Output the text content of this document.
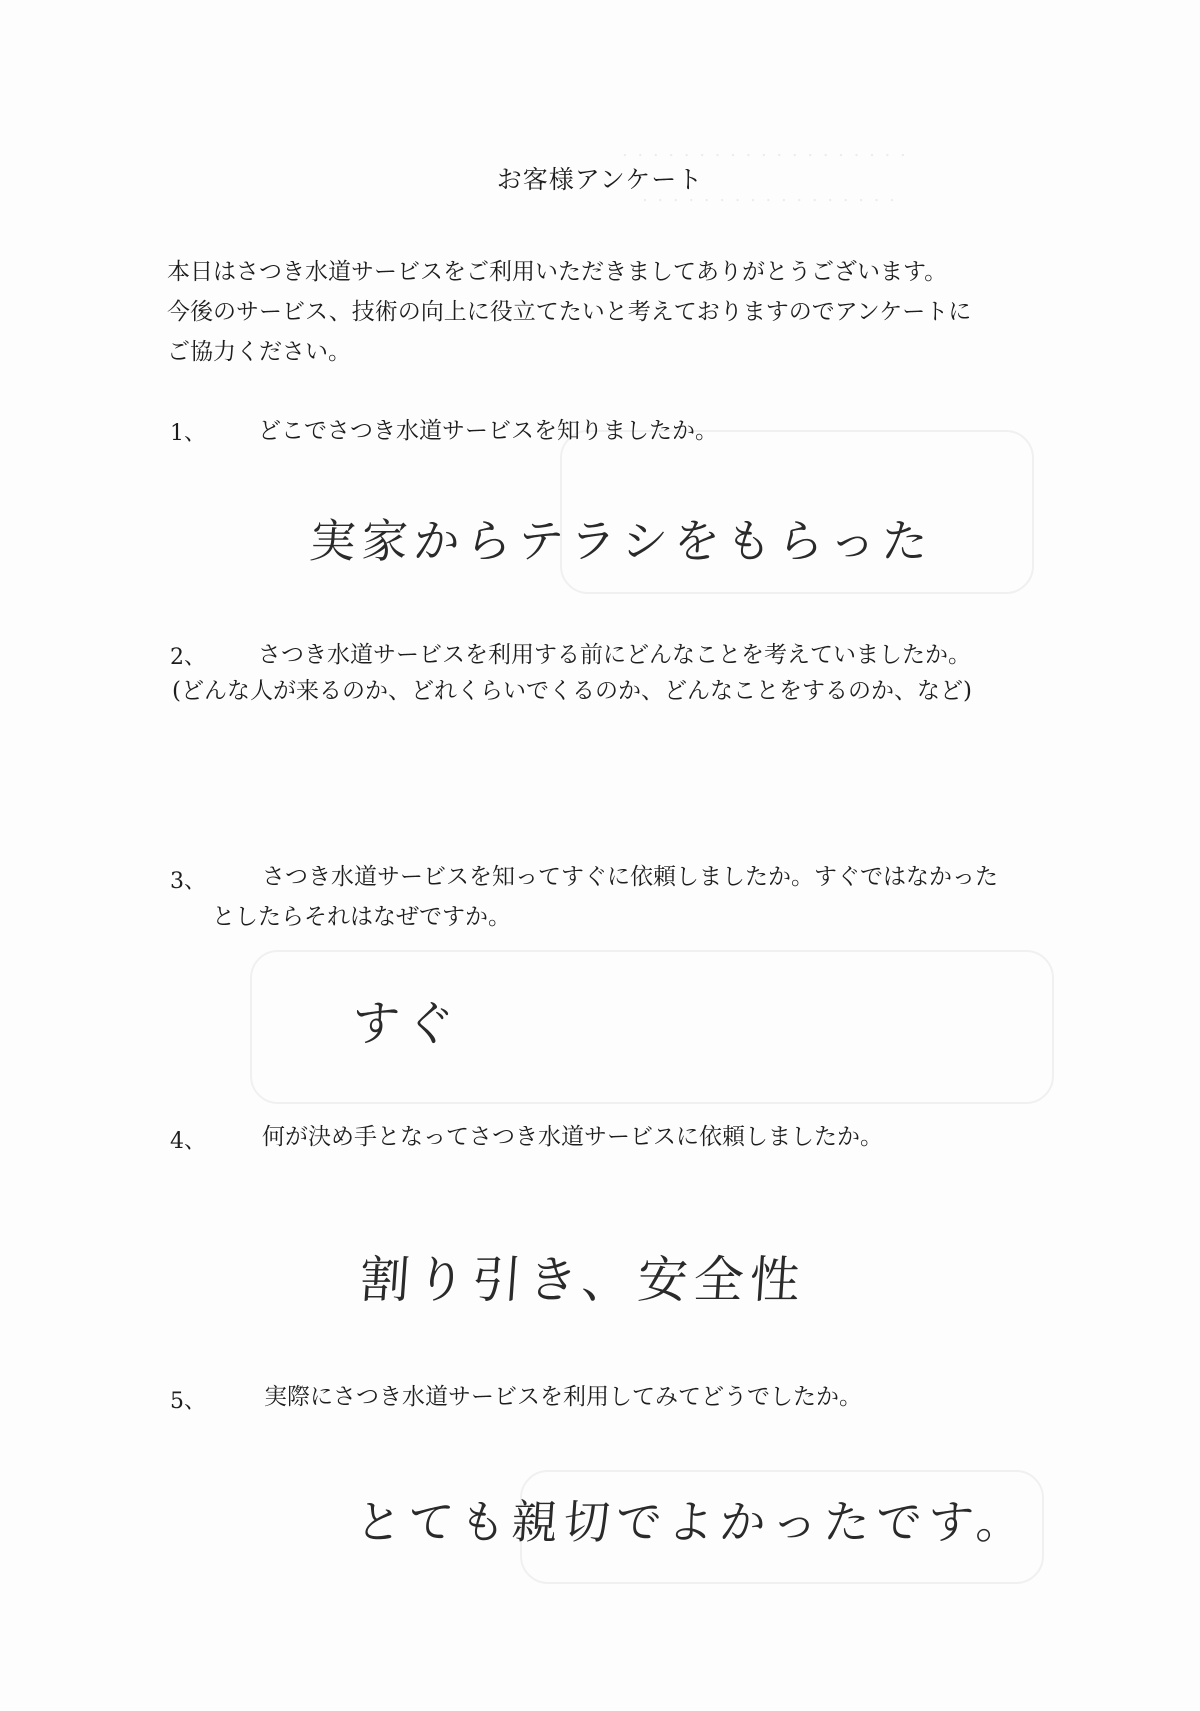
. . . . . . . . . . . . . . . . . . .
. . . . . . . . . . . . . . . . .
お客様アンケート
本日はさつき水道サービスをご利用いただきましてありがとうございます。
今後のサービス、技術の向上に役立てたいと考えておりますのでアンケートに
ご協力ください。
1、 どこでさつき水道サービスを知りましたか。
実家からテラシをもらった
2、 さつき水道サービスを利用する前にどんなことを考えていましたか。
(どんな人が来るのか、どれくらいでくるのか、どんなことをするのか、など)
3、 さつき水道サービスを知ってすぐに依頼しましたか。すぐではなかった
としたらそれはなぜですか。
すぐ
4、 何が決め手となってさつき水道サービスに依頼しましたか。
割り引き、安全性
5、	実際にさつき水道サービスを利用してみてどうでしたか。
とても親切でよかったです。
